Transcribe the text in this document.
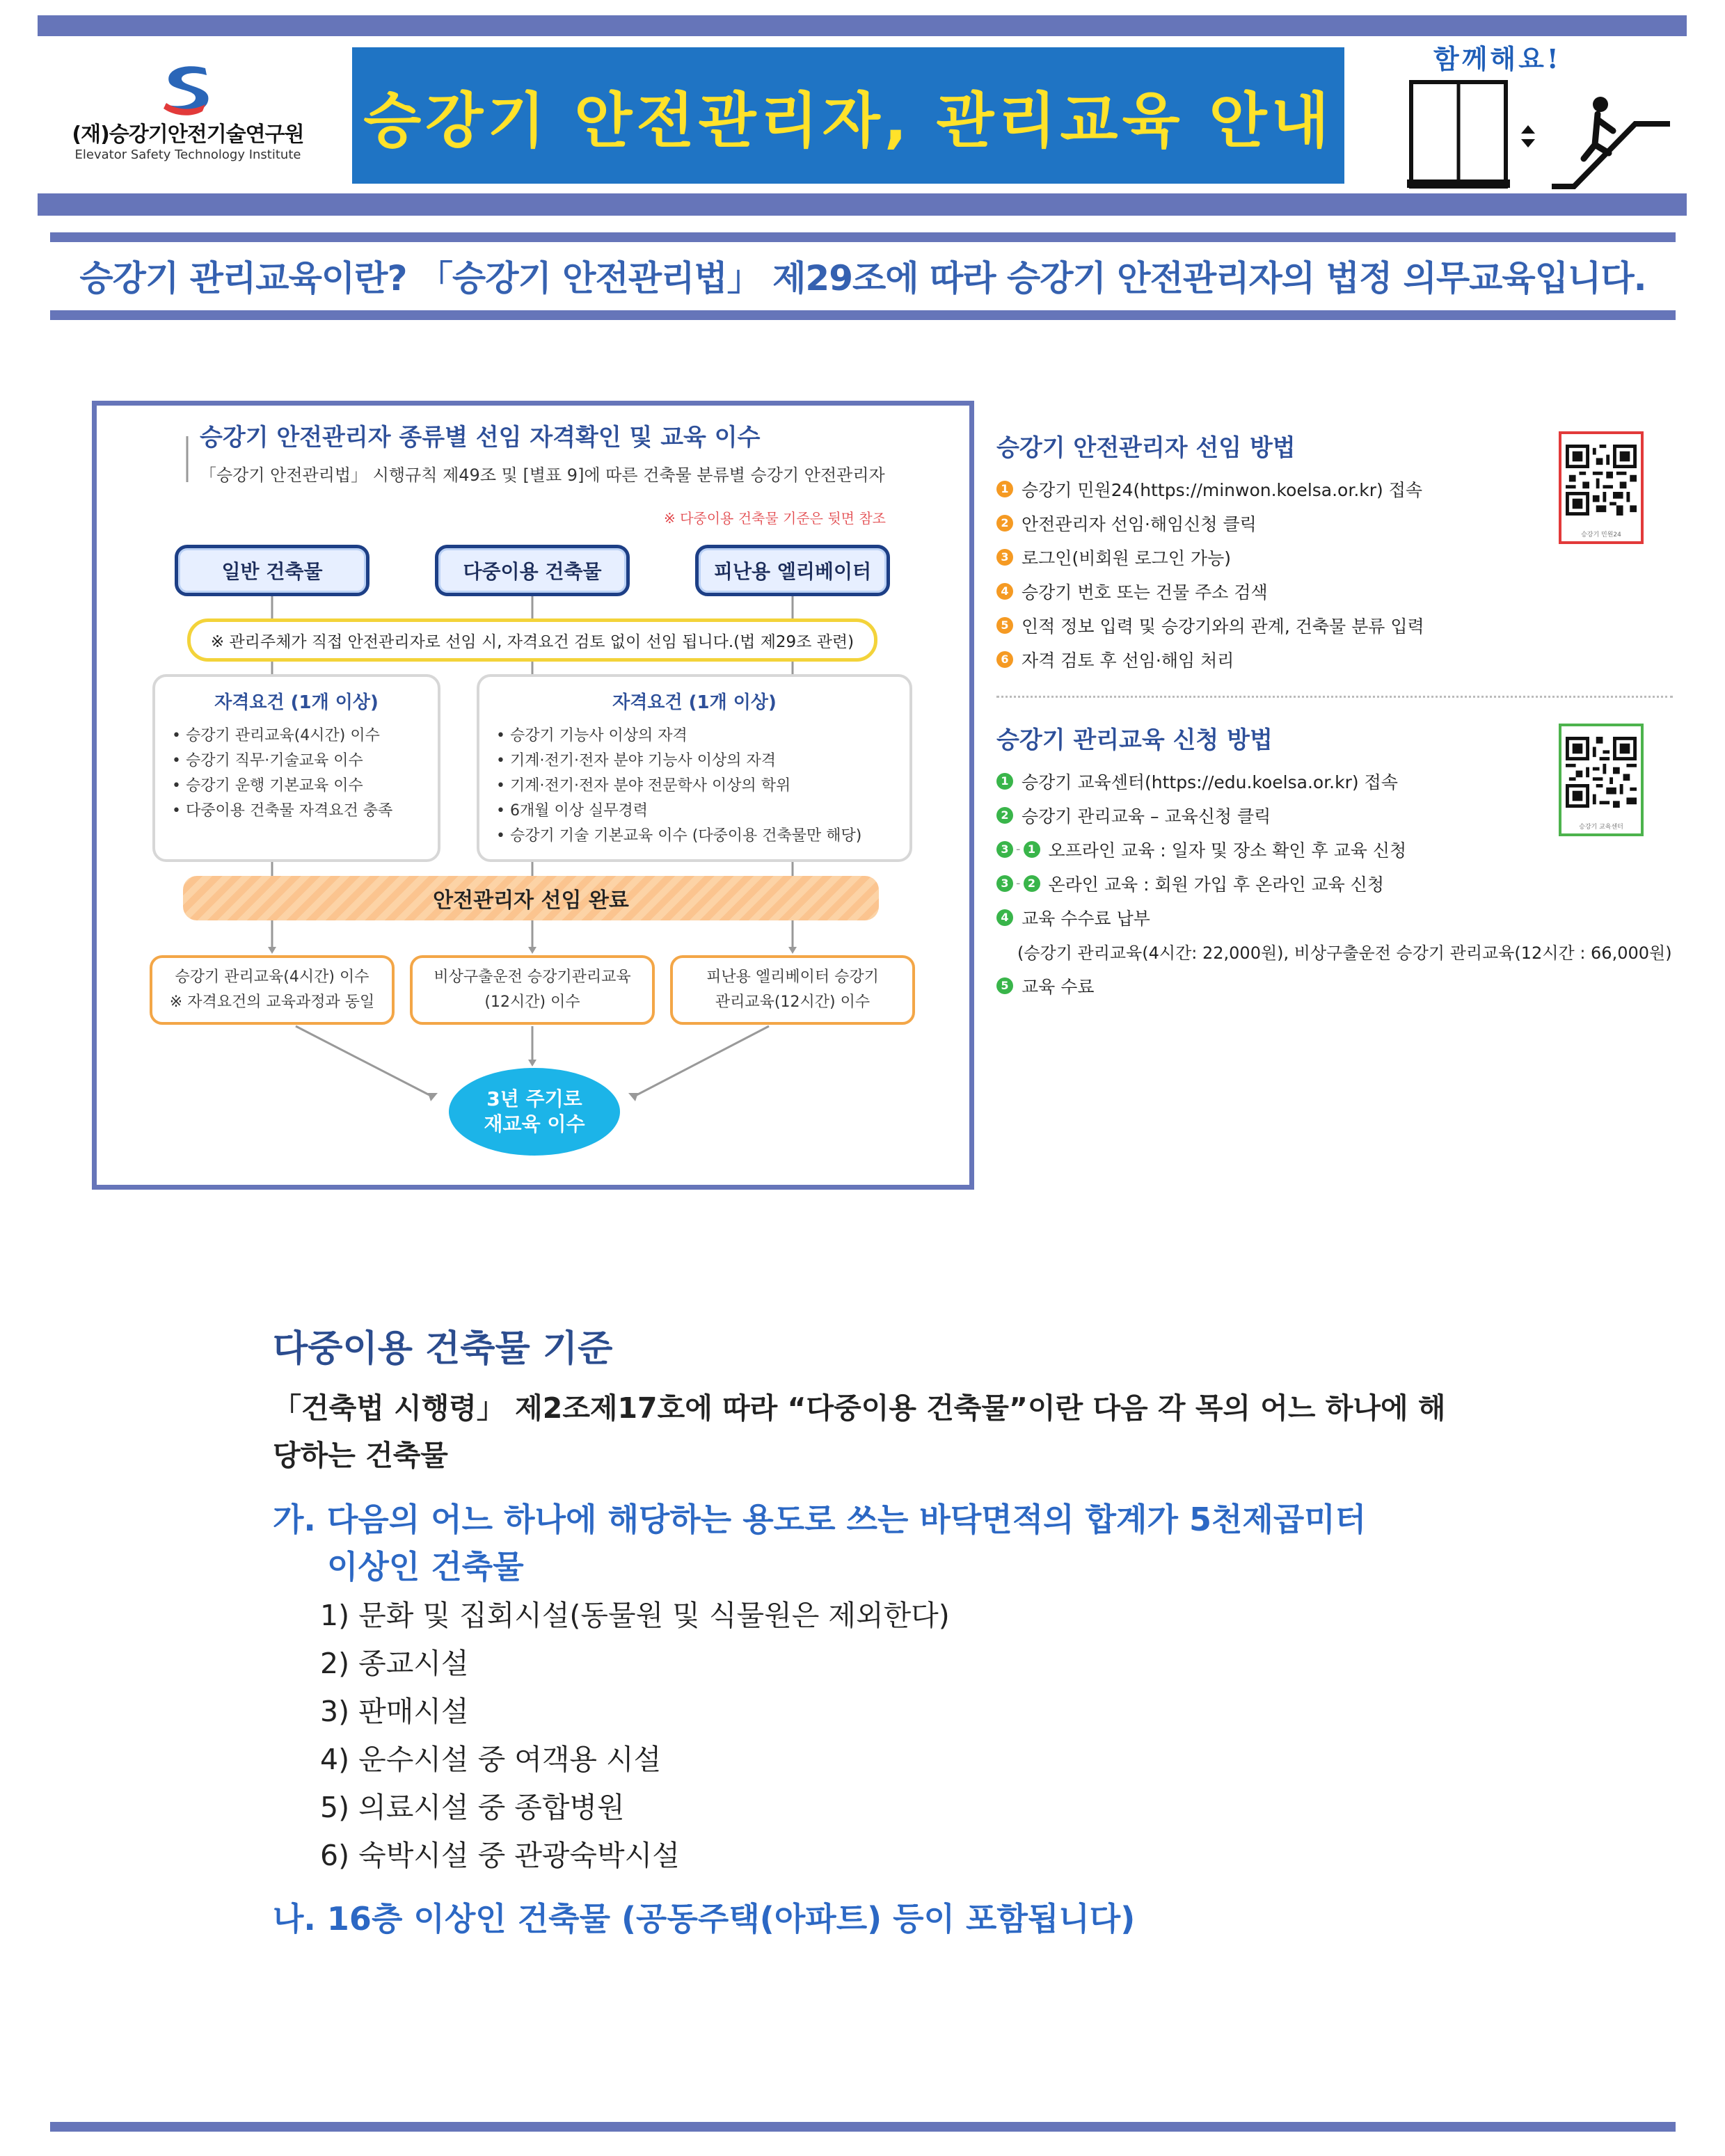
(재)승강기안전기술연구원
Elevator Safety Technology Institute 승강기 안전관리자, 관리교육 안내
함께해요!
승강기 관리교육이란? 「승강기 안전관리법」 제29조에 따라 승강기 안전관리자의 법정 의무교육입니다.
승강기 안전관리자 종류별 선임 자격확인 및 교육 이수
「승강기 안전관리법」 시행규칙 제49조 및 [별표 9]에 따른 건축물 분류별 승강기 안전관리자
※ 다중이용 건축물 기준은 뒷면 참조
일반 건축물	다중이용 건축물	피난용 엘리베이터
※ 관리주체가 직접 안전관리자로 선임 시, 자격요건 검토 없이 선임 됩니다.(법 제29조 관련)
자격요건 (1개 이상)
• 승강기 관리교육(4시간) 이수
• 승강기 직무·기술교육 이수
• 승강기 운행 기본교육 이수
• 다중이용 건축물 자격요건 충족
자격요건 (1개 이상)
• 승강기 기능사 이상의 자격
• 기계·전기·전자 분야 기능사 이상의 자격
• 기계·전기·전자 분야 전문학사 이상의 학위
• 6개월 이상 실무경력
• 승강기 기술 기본교육 이수 (다중이용 건축물만 해당)
안전관리자 선임 완료
승강기 관리교육(4시간) 이수
※ 자격요건의 교육과정과 동일
비상구출운전 승강기관리교육
(12시간) 이수
피난용 엘리베이터 승강기
관리교육(12시간) 이수
3년 주기로
재교육 이수
승강기 안전관리자 선임 방법
승강기 민원24
1 승강기 민원24(https://minwon.koelsa.or.kr) 접속
2 안전관리자 선임·해임신청 클릭
3 로그인(비회원 로그인 가능)
4 승강기 번호 또는 건물 주소 검색
5 인적 정보 입력 및 승강기와의 관계, 건축물 분류 입력
6 자격 검토 후 선임·해임 처리
승강기 관리교육 신청 방법
승강기 교육센터
1 승강기 교육센터(https://edu.koelsa.or.kr) 접속
2 승강기 관리교육 – 교육신청 클릭
3 - 1 오프라인 교육 : 일자 및 장소 확인 후 교육 신청
3 - 2 온라인 교육 : 회원 가입 후 온라인 교육 신청
4 교육 수수료 납부
(승강기 관리교육(4시간: 22,000원), 비상구출운전 승강기 관리교육(12시간 : 66,000원)
5 교육 수료
다중이용 건축물 기준
「건축법 시행령」 제2조제17호에 따라 “다중이용 건축물”이란 다음 각 목의 어느 하나에 해당하는 건축물
가. 다음의 어느 하나에 해당하는 용도로 쓰는 바닥면적의 합계가 5천제곱미터
이상인 건축물
1) 문화 및 집회시설(동물원 및 식물원은 제외한다)
2) 종교시설
3) 판매시설
4) 운수시설 중 여객용 시설
5) 의료시설 중 종합병원
6) 숙박시설 중 관광숙박시설
나. 16층 이상인 건축물 (공동주택(아파트) 등이 포함됩니다)
